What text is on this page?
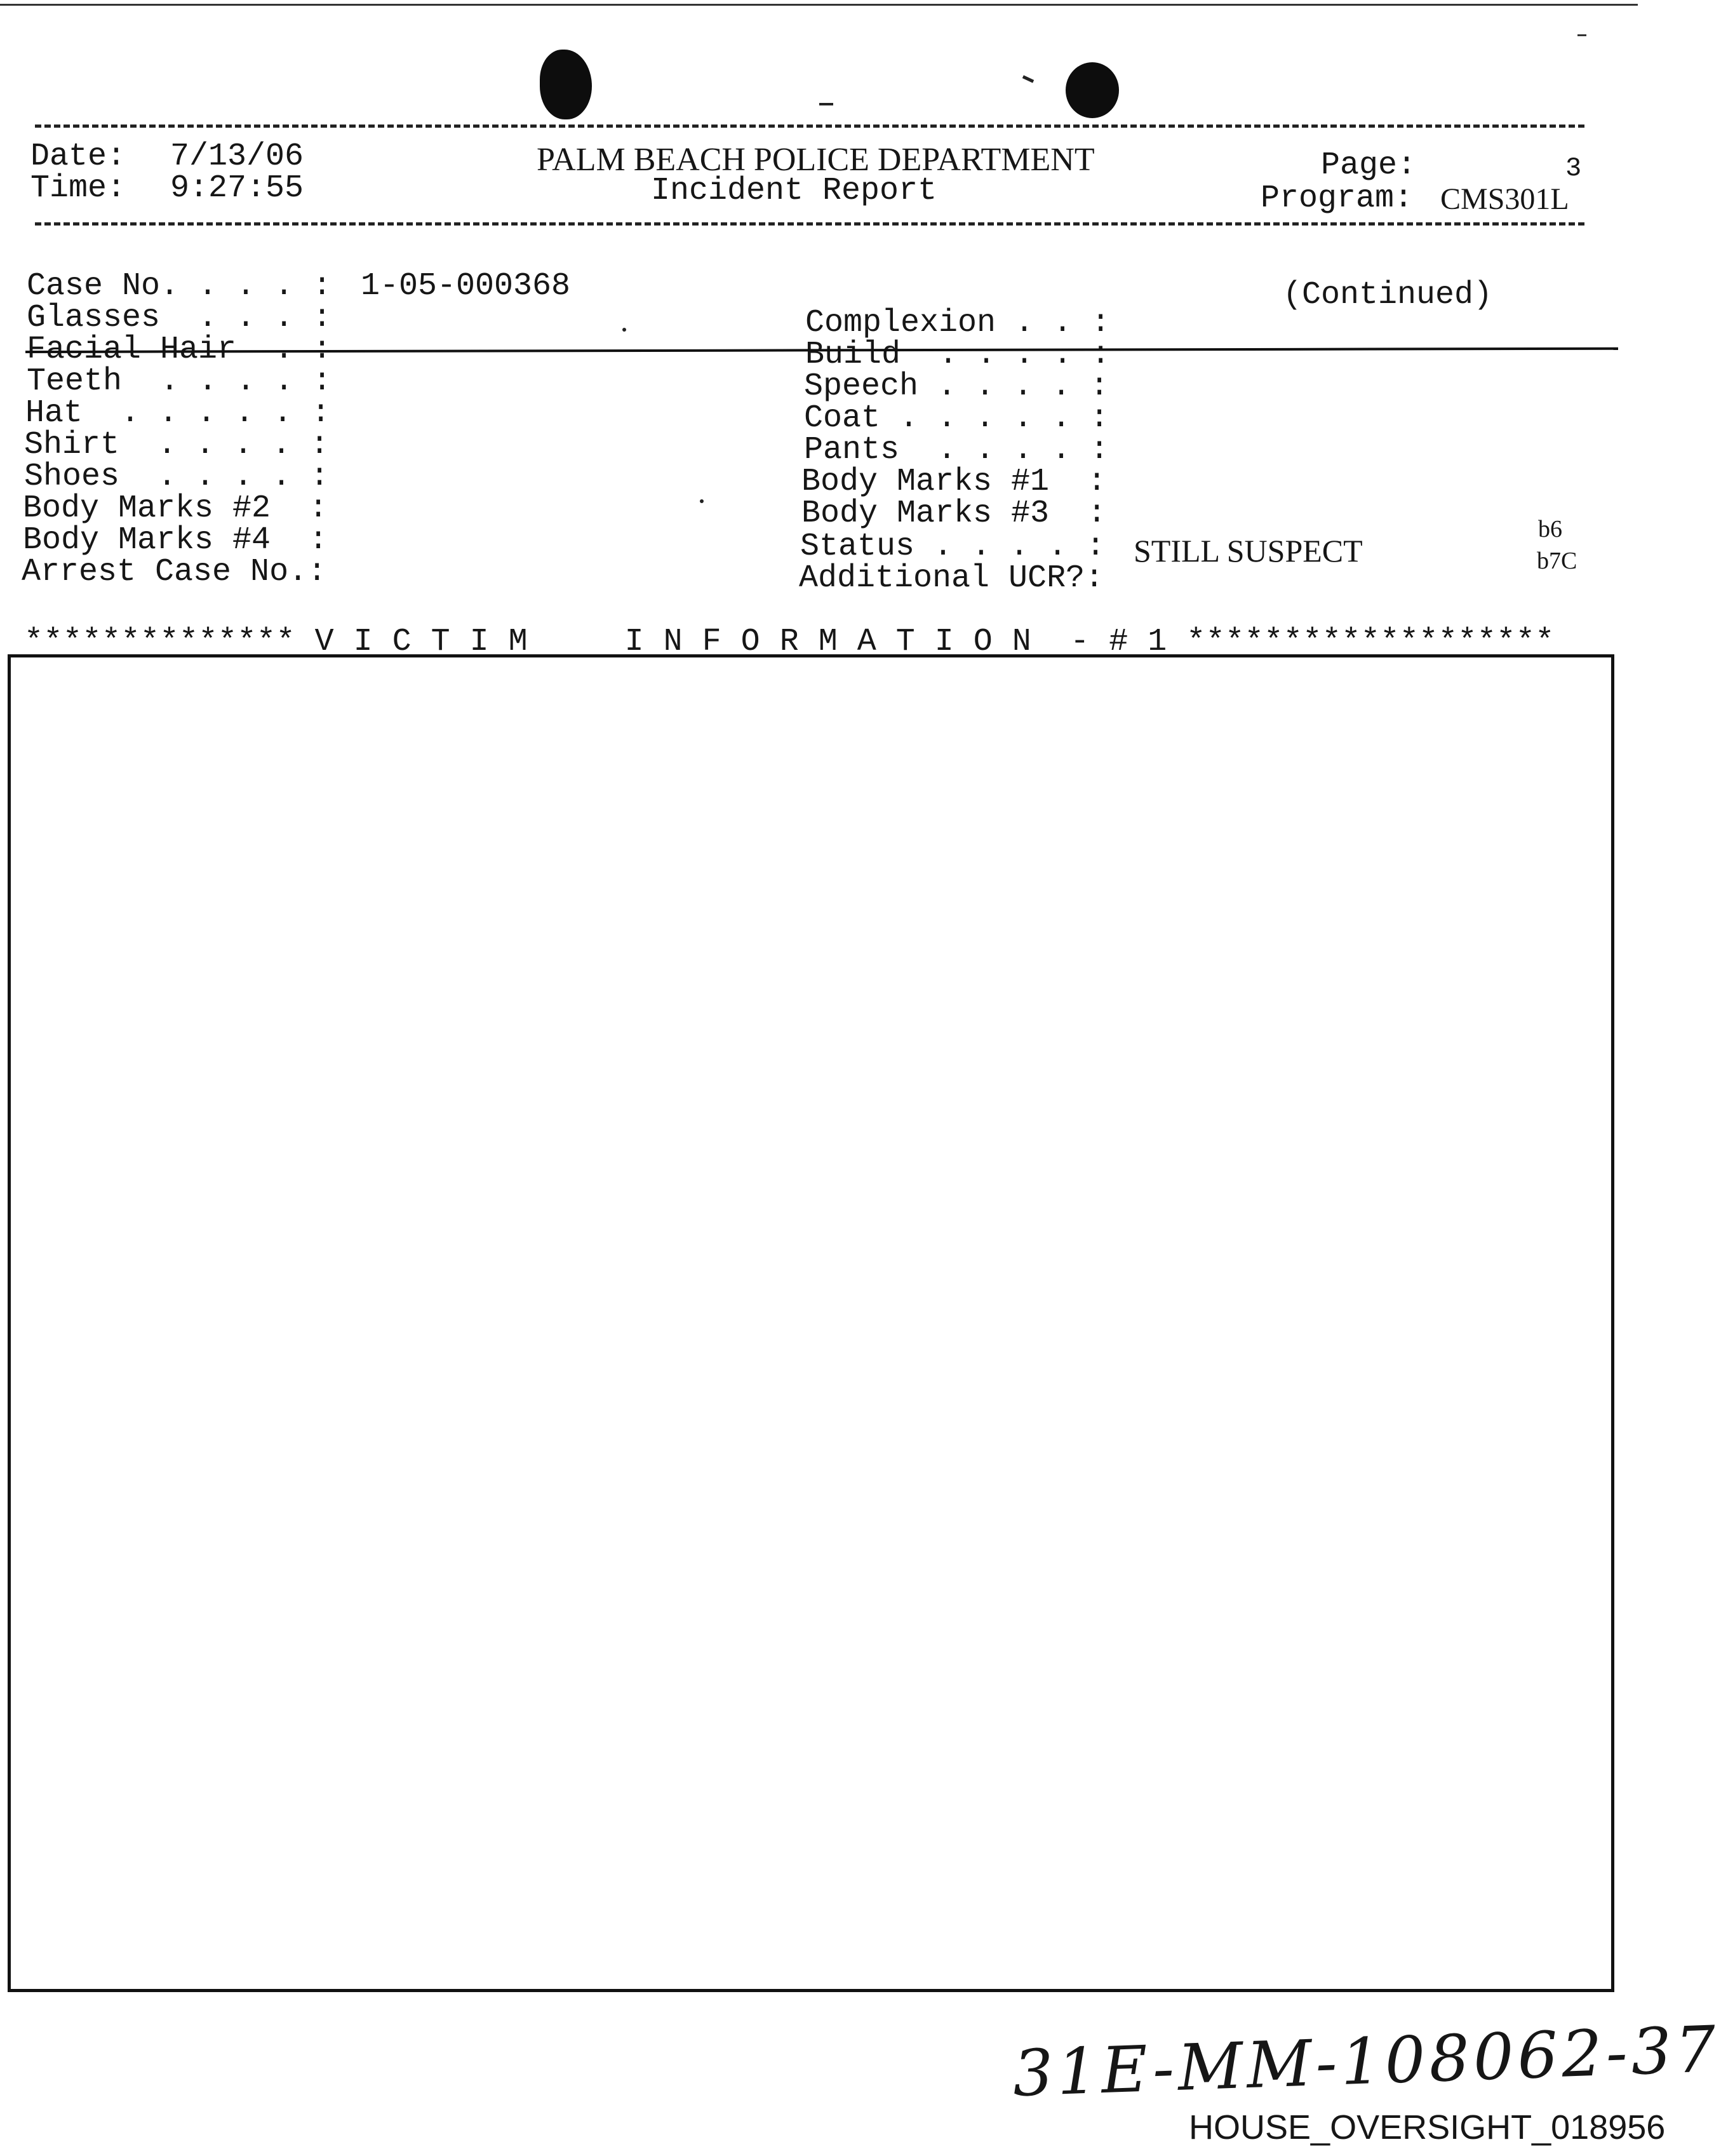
Date: 7/13/06
Time: 9:27:55
PALM BEACH POLICE DEPARTMENT
Incident Report
Page:	3
Program: CMS301L
Case No. . . . : 1-05-000368	(Continued)
Glasses  . . . :
Facial Hair  . :
Teeth  . . . . :
Hat  . . . . . :
Shirt  . . . . :
Shoes  . . . . :
Body Marks #2  :
Body Marks #4  :
Arrest Case No.:
Complexion . . :
Build  . . . . :
Speech . . . . :
Coat . . . . . :
Pants  . . . . :
Body Marks #1  :
Body Marks #3  :
Status . . . . :
Additional UCR?:
STILL SUSPECT
b6
b7C
************** V I C T I M     I N F O R M A T I O N  - # 1 *******************
31E-MM-108062-37
HOUSE_OVERSIGHT_018956
